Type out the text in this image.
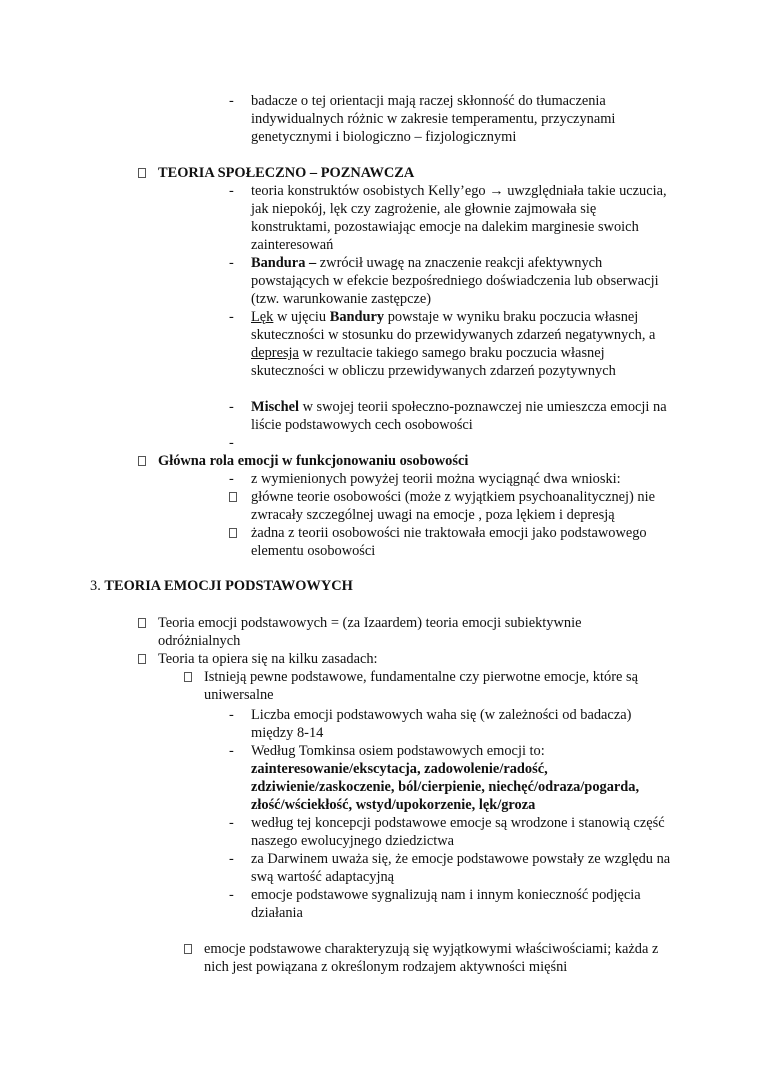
- badacze o tej orientacji mają raczej skłonność do tłumaczenia indywidualnych różnic w zakresie temperamentu, przyczynami genetycznymi i biologiczno – fizjologicznymi
TEORIA SPOŁECZNO – POZNAWCZA
- teoria konstruktów osobistych Kelly’ego → uwzględniała takie uczucia, jak niepokój, lęk czy zagrożenie, ale głownie zajmowała się konstruktami, pozostawiając emocje na dalekim marginesie swoich zainteresowań
- Bandura – zwrócił uwagę na znaczenie reakcji afektywnych powstających w efekcie bezpośredniego doświadczenia lub obserwacji (tzw. warunkowanie zastępcze)
- Lęk w ujęciu Bandury powstaje w wyniku braku poczucia własnej skuteczności w stosunku do przewidywanych zdarzeń negatywnych, a depresja w rezultacie takiego samego braku poczucia własnej skuteczności w obliczu przewidywanych zdarzeń pozytywnych
- Mischel w swojej teorii społeczno-poznawczej nie umieszcza emocji na liście podstawowych cech osobowości
-
Główna rola emocji w funkcjonowaniu osobowości
- z wymienionych powyżej teorii można wyciągnąć dwa wnioski:
główne teorie osobowości (może z wyjątkiem psychoanalitycznej) nie zwracały szczególnej uwagi na emocje , poza lękiem i depresją
żadna z teorii osobowości nie traktowała emocji jako podstawowego elementu osobowości
3. TEORIA EMOCJI PODSTAWOWYCH
Teoria emocji podstawowych = (za Izaardem) teoria emocji subiektywnie odróżnialnych
Teoria ta opiera się na kilku zasadach:
Istnieją pewne podstawowe, fundamentalne czy pierwotne emocje, które są uniwersalne
- Liczba emocji podstawowych waha się (w zależności od badacza) między 8-14
- Według Tomkinsa osiem podstawowych emocji to:
zainteresowanie/ekscytacja, zadowolenie/radość, zdziwienie/zaskoczenie, ból/cierpienie, niechęć/odraza/pogarda, złość/wściekłość, wstyd/upokorzenie, lęk/groza
- według tej koncepcji podstawowe emocje są wrodzone i stanowią część naszego ewolucyjnego dziedzictwa
- za Darwinem uważa się, że emocje podstawowe powstały ze względu na swą wartość adaptacyjną
- emocje podstawowe sygnalizują nam i innym konieczność podjęcia działania
emocje podstawowe charakteryzują się wyjątkowymi właściwościami; każda z nich jest powiązana z określonym rodzajem aktywności mięśni
